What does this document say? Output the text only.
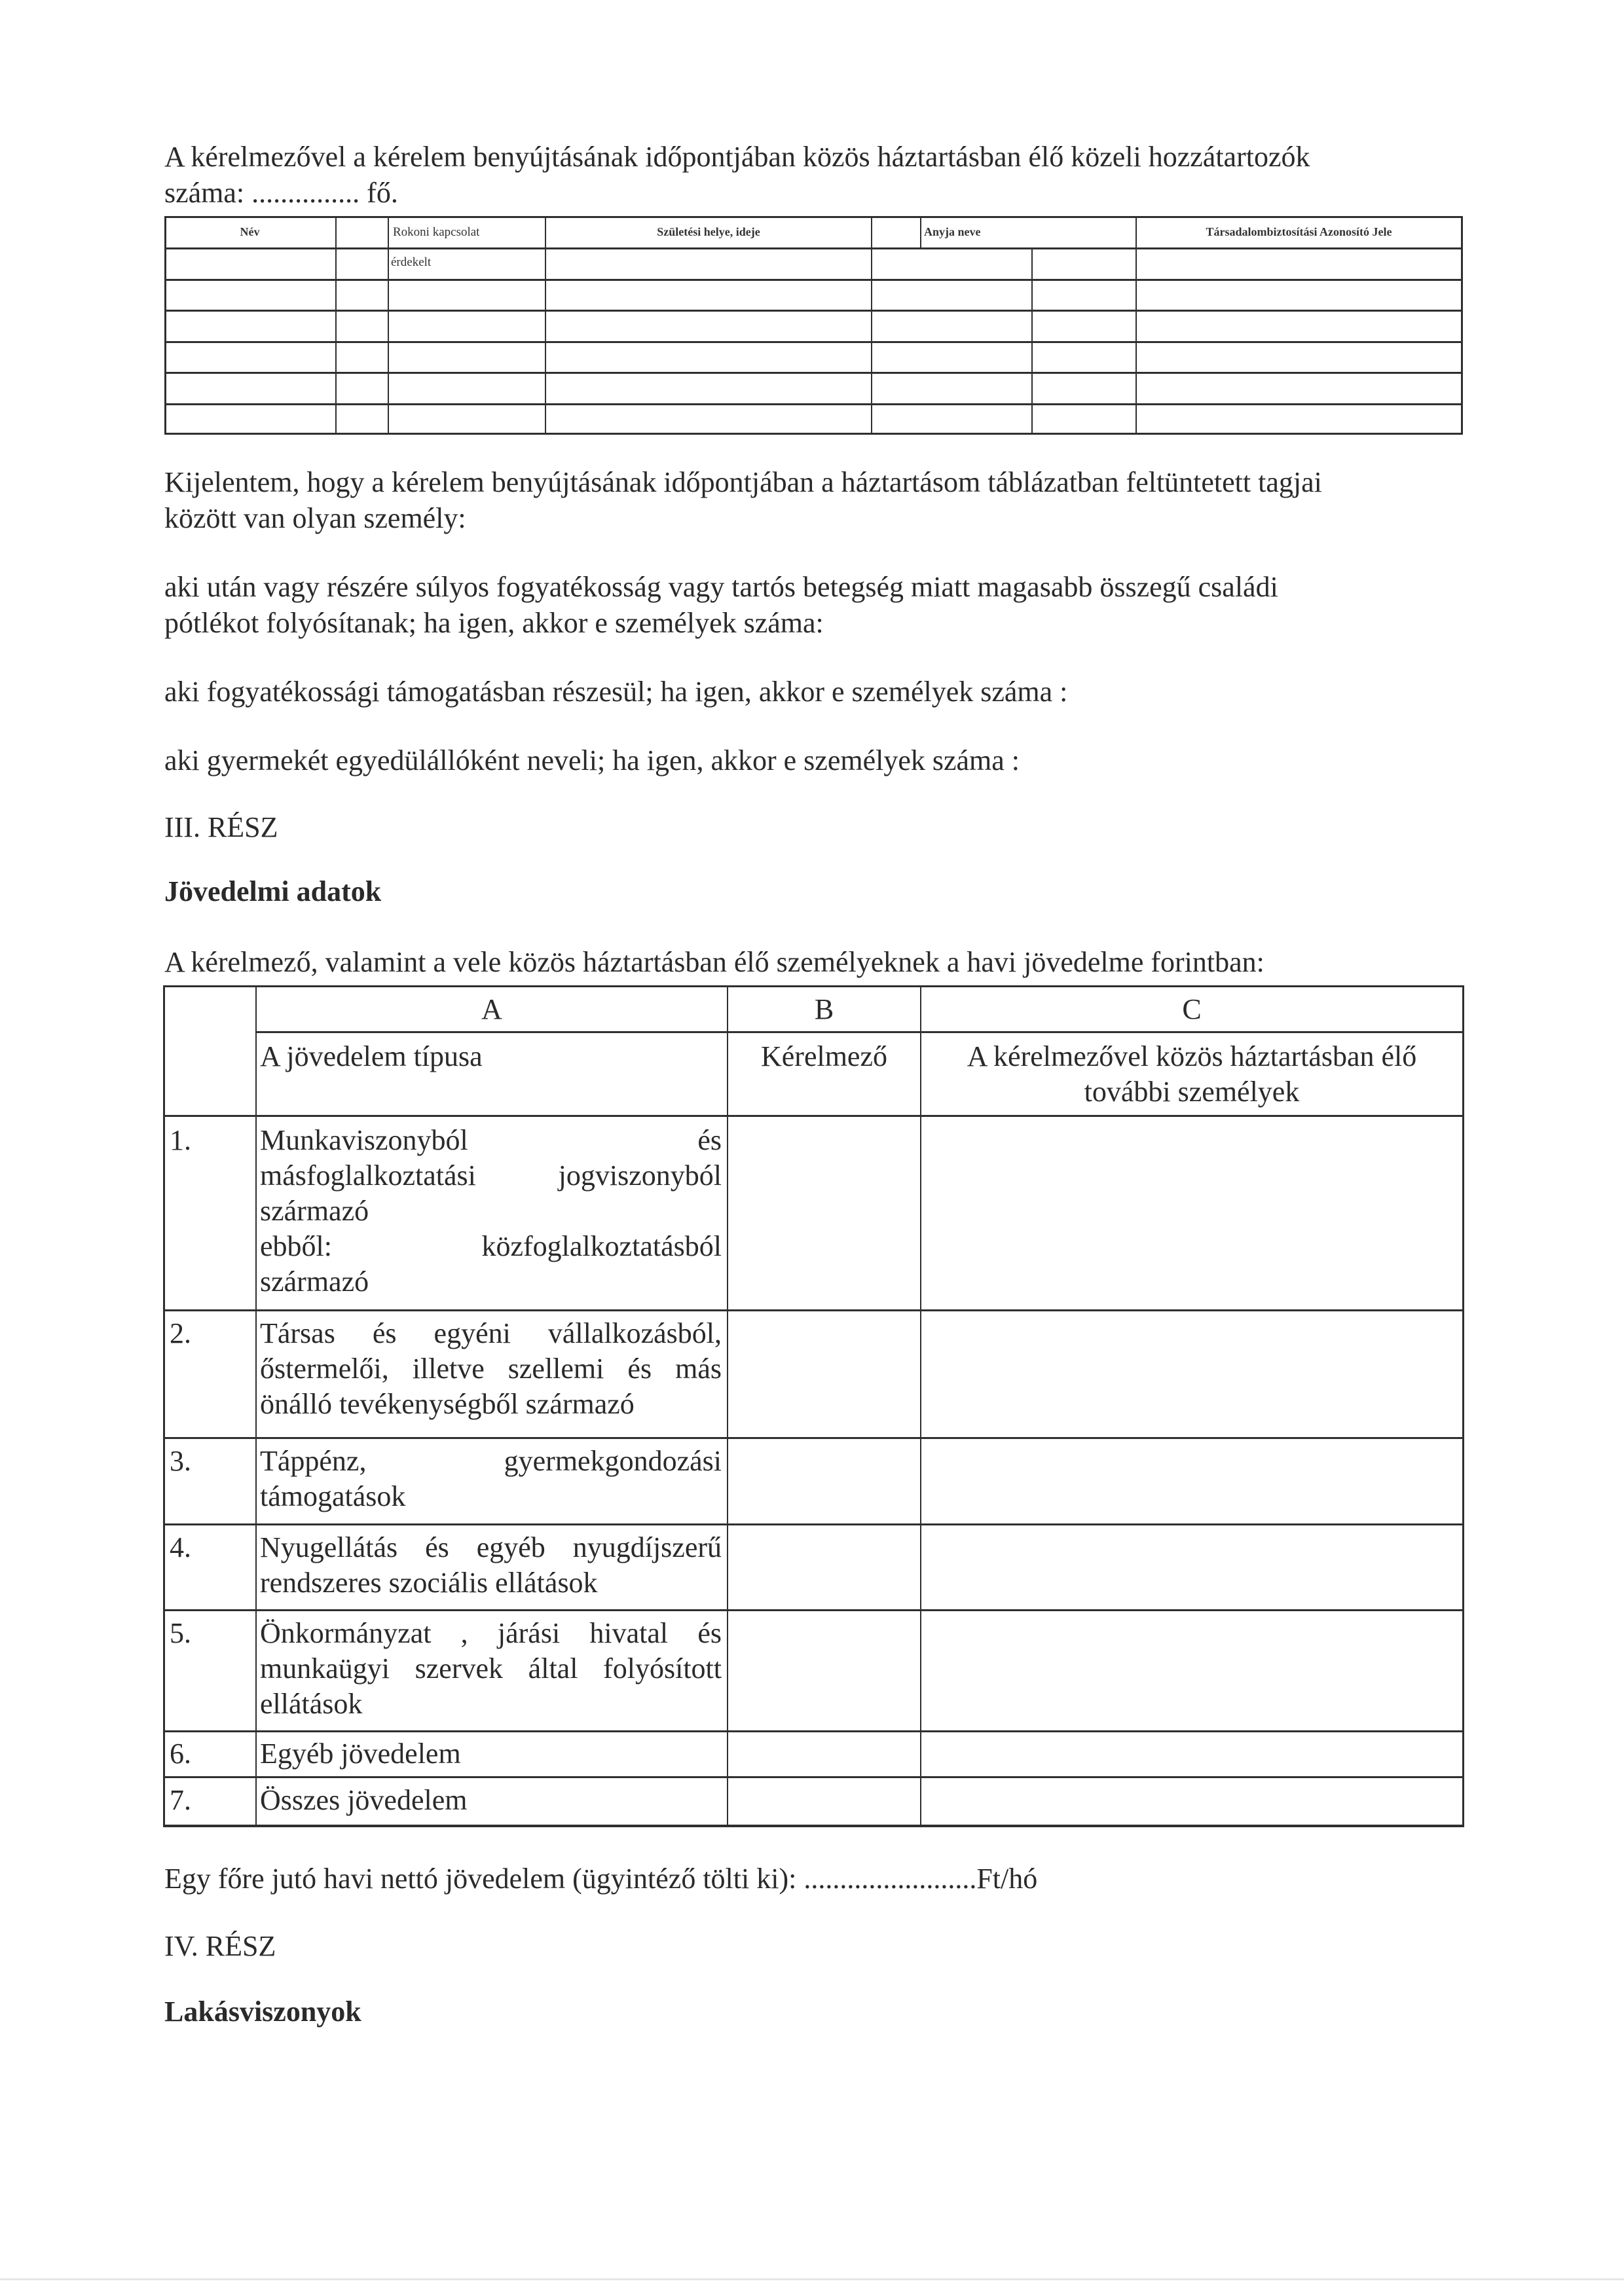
A kérelmezővel a kérelem benyújtásának időpontjában közös háztartásban élő közeli hozzátartozók
száma: ............... fő.
Név	Rokoni kapcsolat	Születési helye, ideje	Anyja neve	Társadalombiztosítási Azonosító Jele
érdekelt
Kijelentem, hogy a kérelem benyújtásának időpontjában a háztartásom táblázatban feltüntetett tagjai
között van olyan személy:
aki után vagy részére súlyos fogyatékosság vagy tartós betegség miatt magasabb összegű családi
pótlékot folyósítanak; ha igen, akkor e személyek száma:
aki fogyatékossági támogatásban részesül; ha igen, akkor e személyek száma :
aki gyermekét egyedülállóként neveli; ha igen, akkor e személyek száma :
III. RÉSZ
Jövedelmi adatok
A kérelmező, valamint a vele közös háztartásban élő személyeknek a havi jövedelme forintban:
A	B	C
A jövedelem típusa	Kérelmező	A kérelmezővel közös háztartásban élő
további személyek
1. Munkaviszonyból és
másfoglalkoztatási jogviszonyból
származó
ebből: közfoglalkoztatásból
származó
2. Társas és egyéni vállalkozásból,
őstermelői, illetve szellemi és más
önálló tevékenységből származó
3. Táppénz, gyermekgondozási
támogatások
4. Nyugellátás és egyéb nyugdíjszerű
rendszeres szociális ellátások
5. Önkormányzat , járási hivatal és
munkaügyi szervek által folyósított
ellátások
6. Egyéb jövedelem
7. Összes jövedelem
Egy főre jutó havi nettó jövedelem (ügyintéző tölti ki): ........................Ft/hó
IV. RÉSZ
Lakásviszonyok
